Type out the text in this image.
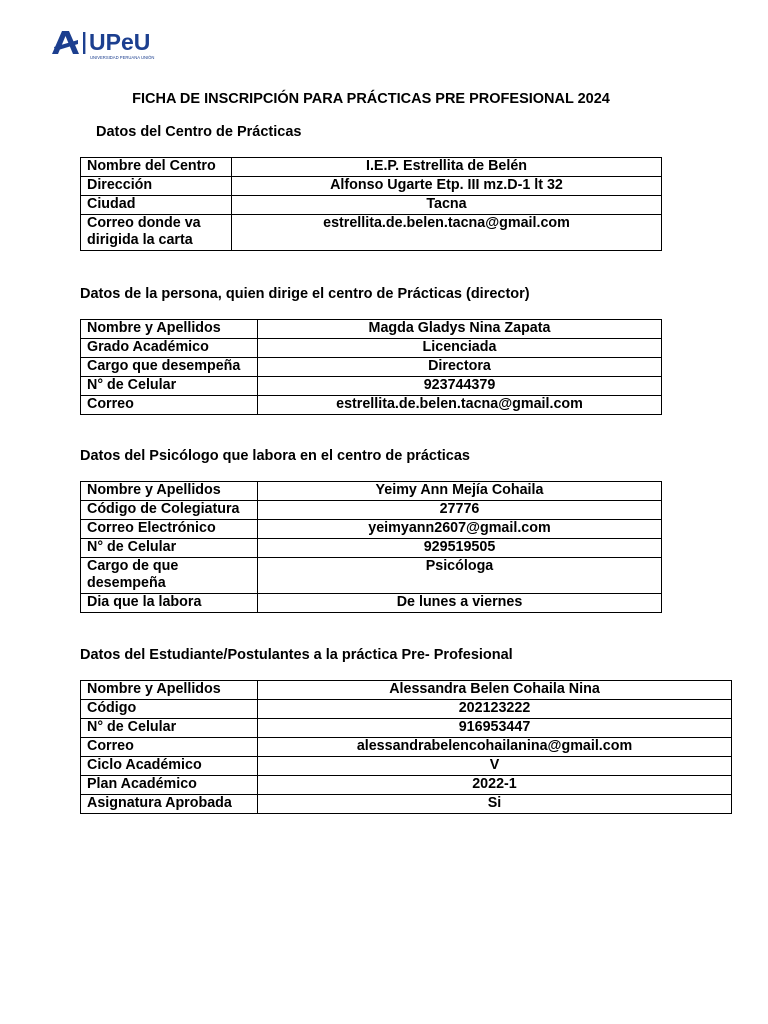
UPeU
UNIVERSIDAD PERUANA UNIÓN
FICHA DE INSCRIPCIÓN PARA PRÁCTICAS PRE PROFESIONAL 2024
Datos del Centro de Prácticas
Nombre del Centro	I.E.P. Estrellita de Belén
Dirección	Alfonso Ugarte Etp. III mz.D-1 lt 32
Ciudad	Tacna
Correo donde va dirigida la carta	estrellita.de.belen.tacna@gmail.com
Datos de la persona, quien dirige el centro de Prácticas (director)
Nombre y Apellidos	Magda Gladys Nina Zapata
Grado Académico	Licenciada
Cargo que desempeña	Directora
N° de Celular	923744379
Correo	estrellita.de.belen.tacna@gmail.com
Datos del Psicólogo que labora en el centro de prácticas
Nombre y Apellidos	Yeimy Ann Mejía Cohaila
Código de Colegiatura	27776
Correo Electrónico	yeimyann2607@gmail.com
N° de Celular	929519505
Cargo de que desempeña	Psicóloga
Dia que la labora	De lunes a viernes
Datos del Estudiante/Postulantes a la práctica Pre- Profesional
Nombre y Apellidos	Alessandra Belen Cohaila Nina
Código	202123222
N° de Celular	916953447
Correo	alessandrabelencohailanina@gmail.com
Ciclo Académico	V
Plan Académico	2022-1
Asignatura Aprobada	Si
